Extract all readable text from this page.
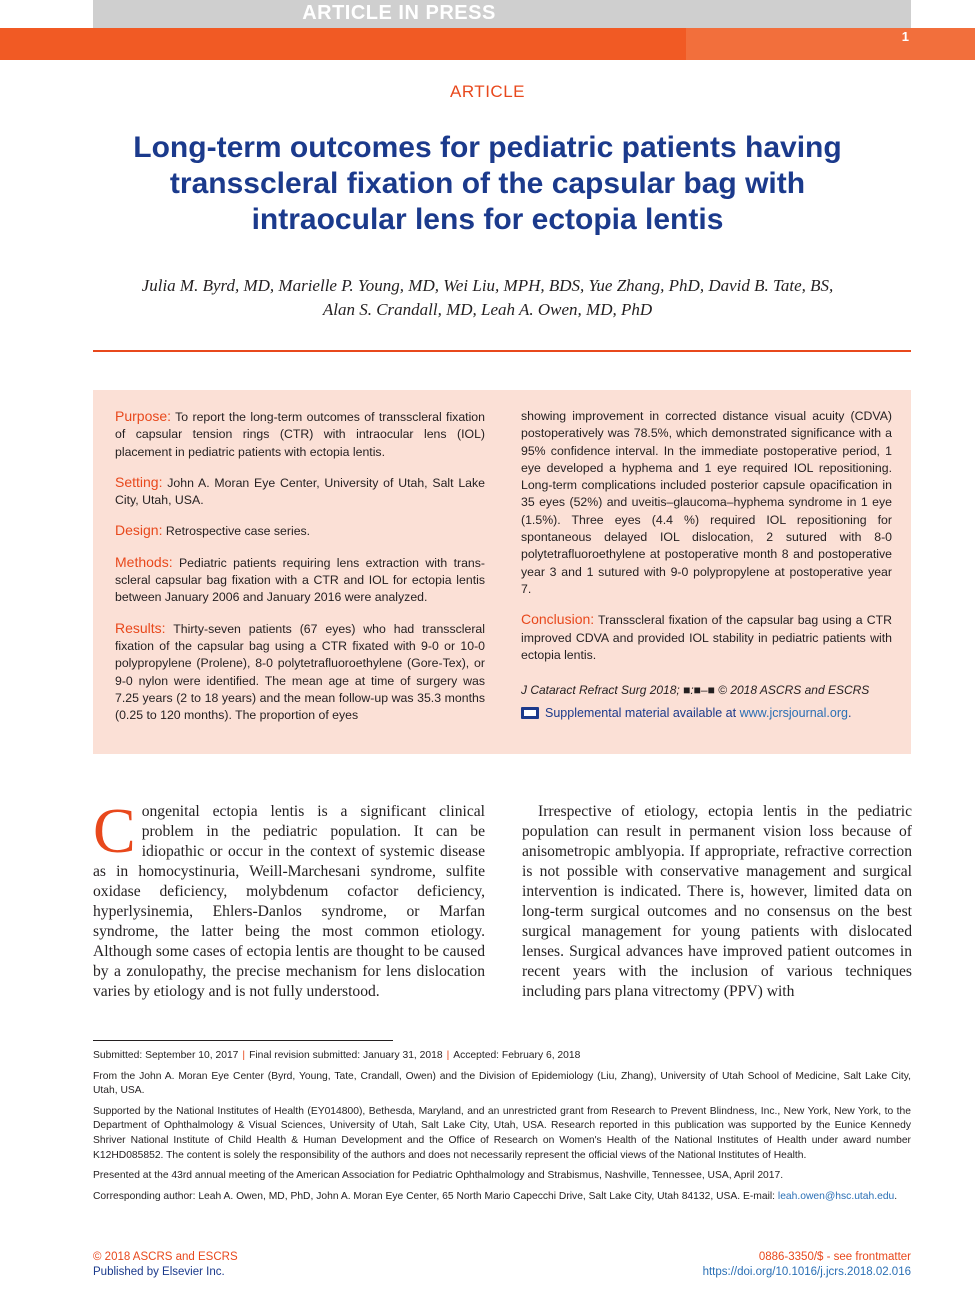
ARTICLE IN PRESS
1
ARTICLE
Long-term outcomes for pediatric patients having transscleral fixation of the capsular bag with intraocular lens for ectopia lentis
Julia M. Byrd, MD, Marielle P. Young, MD, Wei Liu, MPH, BDS, Yue Zhang, PhD, David B. Tate, BS,
Alan S. Crandall, MD, Leah A. Owen, MD, PhD

Purpose: To report the long-term outcomes of transscleral fixation of capsular tension rings (CTR) with intraocular lens (IOL) placement in pediatric patients with ectopia lentis.

Setting: John A. Moran Eye Center, University of Utah, Salt Lake City, Utah, USA.

Design: Retrospective case series.

Methods: Pediatric patients requiring lens extraction with trans-scleral capsular bag fixation with a CTR and IOL for ectopia lentis between January 2006 and January 2016 were analyzed.

Results: Thirty-seven patients (67 eyes) who had transscleral fixation of the capsular bag using a CTR fixated with 9-0 or 10-0 polypropylene (Prolene), 8-0 polytetrafluoroethylene (Gore-Tex), or 9-0 nylon were identified. The mean age at time of surgery was 7.25 years (2 to 18 years) and the mean follow-up was 35.3 months (0.25 to 120 months). The proportion of eyes

showing improvement in corrected distance visual acuity (CDVA) postoperatively was 78.5%, which demonstrated significance with a 95% confidence interval. In the immediate postoperative period, 1 eye developed a hyphema and 1 eye required IOL repositioning. Long-term complications included posterior capsule opacification in 35 eyes (52%) and uveitis–glaucoma–hyphema syndrome in 1 eye (1.5%). Three eyes (4.4 %) required IOL repositioning for spontaneous delayed IOL dislocation, 2 sutured with 8-0 polytetrafluoroethylene at postoperative month 8 and postoperative year 3 and 1 sutured with 9-0 polypropylene at postoperative year 7.

Conclusion: Transscleral fixation of the capsular bag using a CTR improved CDVA and provided IOL stability in pediatric patients with ectopia lentis.

J Cataract Refract Surg 2018; ■:■–■ © 2018 ASCRS and ESCRS
Supplemental material available at www.jcrsjournal.org.
Congenital ectopia lentis is a significant clinical problem in the pediatric population. It can be idiopathic or occur in the context of systemic disease as in homocystinuria, Weill-Marchesani syndrome, sulfite oxidase deficiency, molybdenum cofactor deficiency, hyperlysinemia, Ehlers-Danlos syndrome, or Marfan syndrome, the latter being the most common etiology. Although some cases of ectopia lentis are thought to be caused by a zonulopathy, the precise mechanism for lens dislocation varies by etiology and is not fully understood.
Irrespective of etiology, ectopia lentis in the pediatric population can result in permanent vision loss because of anisometropic amblyopia. If appropriate, refractive correction is not possible with conservative management and surgical intervention is indicated. There is, however, limited data on long-term surgical outcomes and no consensus on the best surgical management for young patients with dislocated lenses. Surgical advances have improved patient outcomes in recent years with the inclusion of various techniques including pars plana vitrectomy (PPV) with

Submitted: September 10, 2017 | Final revision submitted: January 31, 2018 | Accepted: February 6, 2018

From the John A. Moran Eye Center (Byrd, Young, Tate, Crandall, Owen) and the Division of Epidemiology (Liu, Zhang), University of Utah School of Medicine, Salt Lake City, Utah, USA.

Supported by the National Institutes of Health (EY014800), Bethesda, Maryland, and an unrestricted grant from Research to Prevent Blindness, Inc., New York, New York, to the Department of Ophthalmology & Visual Sciences, University of Utah, Salt Lake City, Utah, USA. Research reported in this publication was supported by the Eunice Kennedy Shriver National Institute of Child Health & Human Development and the Office of Research on Women's Health of the National Institutes of Health under award number K12HD085852. The content is solely the responsibility of the authors and does not necessarily represent the official views of the National Institutes of Health.

Presented at the 43rd annual meeting of the American Association for Pediatric Ophthalmology and Strabismus, Nashville, Tennessee, USA, April 2017.

Corresponding author: Leah A. Owen, MD, PhD, John A. Moran Eye Center, 65 North Mario Capecchi Drive, Salt Lake City, Utah 84132, USA. E-mail: leah.owen@hsc.utah.edu.

© 2018 ASCRS and ESCRS
Published by Elsevier Inc.
0886-3350/$ - see frontmatter
https://doi.org/10.1016/j.jcrs.2018.02.016
